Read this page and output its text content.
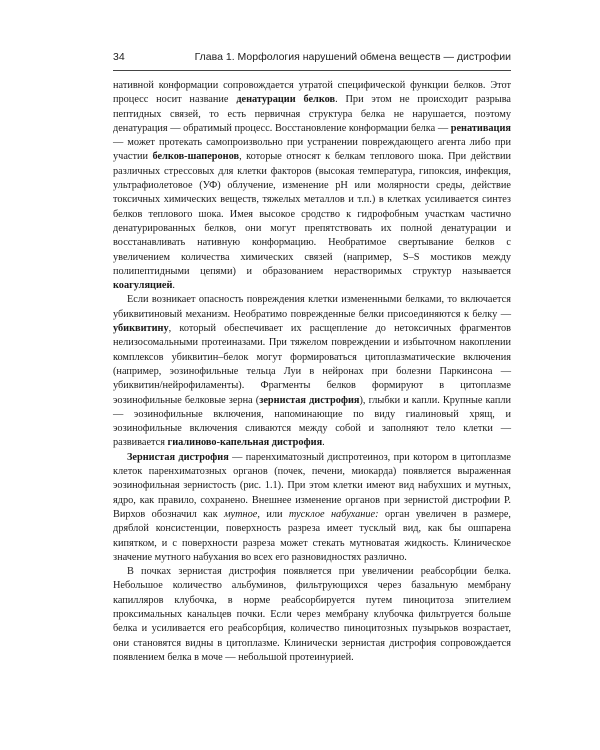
34	Глава 1. Морфология нарушений обмена веществ — дистрофии

нативной конформации сопровождается утратой специфической функции белков. Этот процесс носит название денатурации белков. При этом не происходит разрыва пептидных связей, то есть первичная структура белка не нарушается, поэтому денатурация — обратимый процесс. Восстановление конформации белка — ренативация — может протекать самопроизвольно при устранении повреждающего агента либо при участии белков-шаперонов, которые относят к белкам теплового шока. При действии различных стрессовых для клетки факторов (высокая температура, гипоксия, инфекция, ультрафиолетовое (УФ) облучение, изменение pH или молярности среды, действие токсичных химических веществ, тяжелых металлов и т.п.) в клетках усиливается синтез белков теплового шока. Имея высокое сродство к гидрофобным участкам частично денатурированных белков, они могут препятствовать их полной денатурации и восстанавливать нативную конформацию. Необратимое свертывание белков с увеличением количества химических связей (например, S–S мостиков между полипептидными цепями) и образованием нерастворимых структур называется коагуляцией.

Если возникает опасность повреждения клетки измененными белками, то включается убиквитиновый механизм. Необратимо поврежденные белки присоединяются к белку — убиквитину, который обеспечивает их расщепление до нетоксичных фрагментов нелизосомальными протеиназами. При тяжелом повреждении и избыточном накоплении комплексов убиквитин–белок могут формироваться цитоплазматические включения (например, эозинофильные тельца Луи в нейронах при болезни Паркинсона — убиквитин/нейрофиламенты). Фрагменты белков формируют в цитоплазме эозинофильные белковые зерна (зернистая дистрофия), глыбки и капли. Крупные капли — эозинофильные включения, напоминающие по виду гиалиновый хрящ, и эозинофильные включения сливаются между собой и заполняют тело клетки — развивается гиалиново-капельная дистрофия.

Зернистая дистрофия — паренхиматозный диспротеиноз, при котором в цитоплазме клеток паренхиматозных органов (почек, печени, миокарда) появляется выраженная эозинофильная зернистость (рис. 1.1). При этом клетки имеют вид набухших и мутных, ядро, как правило, сохранено. Внешнее изменение органов при зернистой дистрофии Р. Вирхов обозначил как мутное, или тусклое набухание: орган увеличен в размере, дряблой консистенции, поверхность разреза имеет тусклый вид, как бы ошпарена кипятком, и с поверхности разреза может стекать мутноватая жидкость. Клиническое значение мутного набухания во всех его разновидностях различно.

В почках зернистая дистрофия появляется при увеличении реабсорбции белка. Небольшое количество альбуминов, фильтрующихся через базальную мембрану капилляров клубочка, в норме реабсорбируется путем пиноцитоза эпителием проксимальных канальцев почки. Если через мембрану клубочка фильтруется больше белка и усиливается его реабсорбция, количество пиноцитозных пузырьков возрастает, они становятся видны в цитоплазме. Клинически зернистая дистрофия сопровождается появлением белка в моче — небольшой протеинурией.
